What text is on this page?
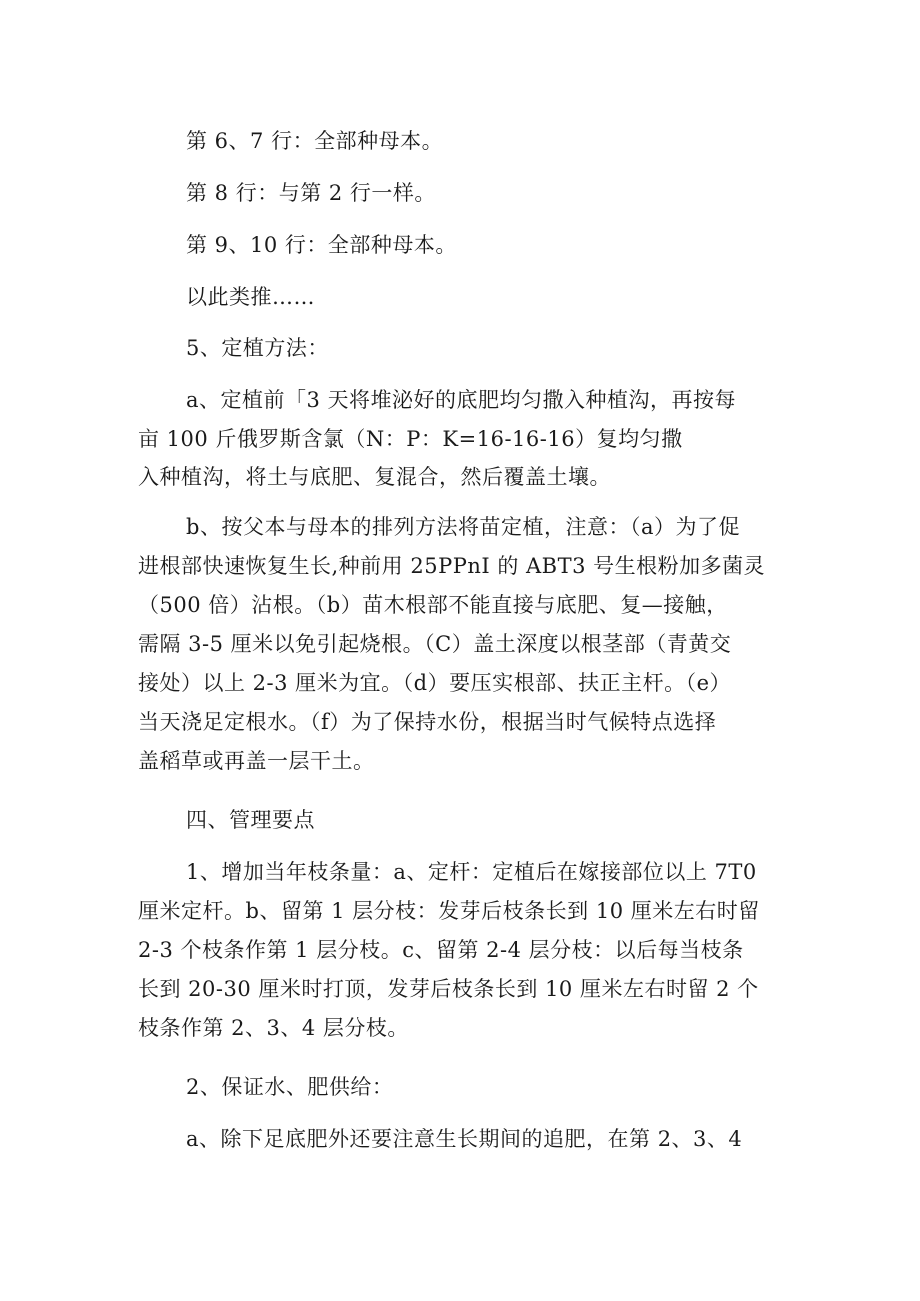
第 6、7 行：全部种母本。
第 8 行：与第 2 行一样。
第 9、10 行：全部种母本。
以此类推……
5、定植方法：
a、定植前「3 天将堆泌好的底肥均匀撒入种植沟，再按每
亩 100 斤俄罗斯含氯（N：P：K=16-16-16）复均匀撒
入种植沟，将土与底肥、复混合，然后覆盖土壤。
b、按父本与母本的排列方法将苗定植，注意：（a）为了促
进根部快速恢复生长,种前用 25PPnI 的 ABT3 号生根粉加多菌灵
（500 倍）沾根。（b）苗木根部不能直接与底肥、复—接触，
需隔 3-5 厘米以免引起烧根。（C）盖土深度以根茎部（青黄交
接处）以上 2-3 厘米为宜。（d）要压实根部、扶正主杆。（e）
当天浇足定根水。（f）为了保持水份，根据当时气候特点选择
盖稻草或再盖一层干土。
四、管理要点
1、增加当年枝条量：a、定杆：定植后在嫁接部位以上 7T0
厘米定杆。b、留第 1 层分枝：发芽后枝条长到 10 厘米左右时留
2-3 个枝条作第 1 层分枝。c、留第 2-4 层分枝：以后每当枝条
长到 20-30 厘米时打顶，发芽后枝条长到 10 厘米左右时留 2 个
枝条作第 2、3、4 层分枝。
2、保证水、肥供给：
a、除下足底肥外还要注意生长期间的追肥，在第 2、3、4
